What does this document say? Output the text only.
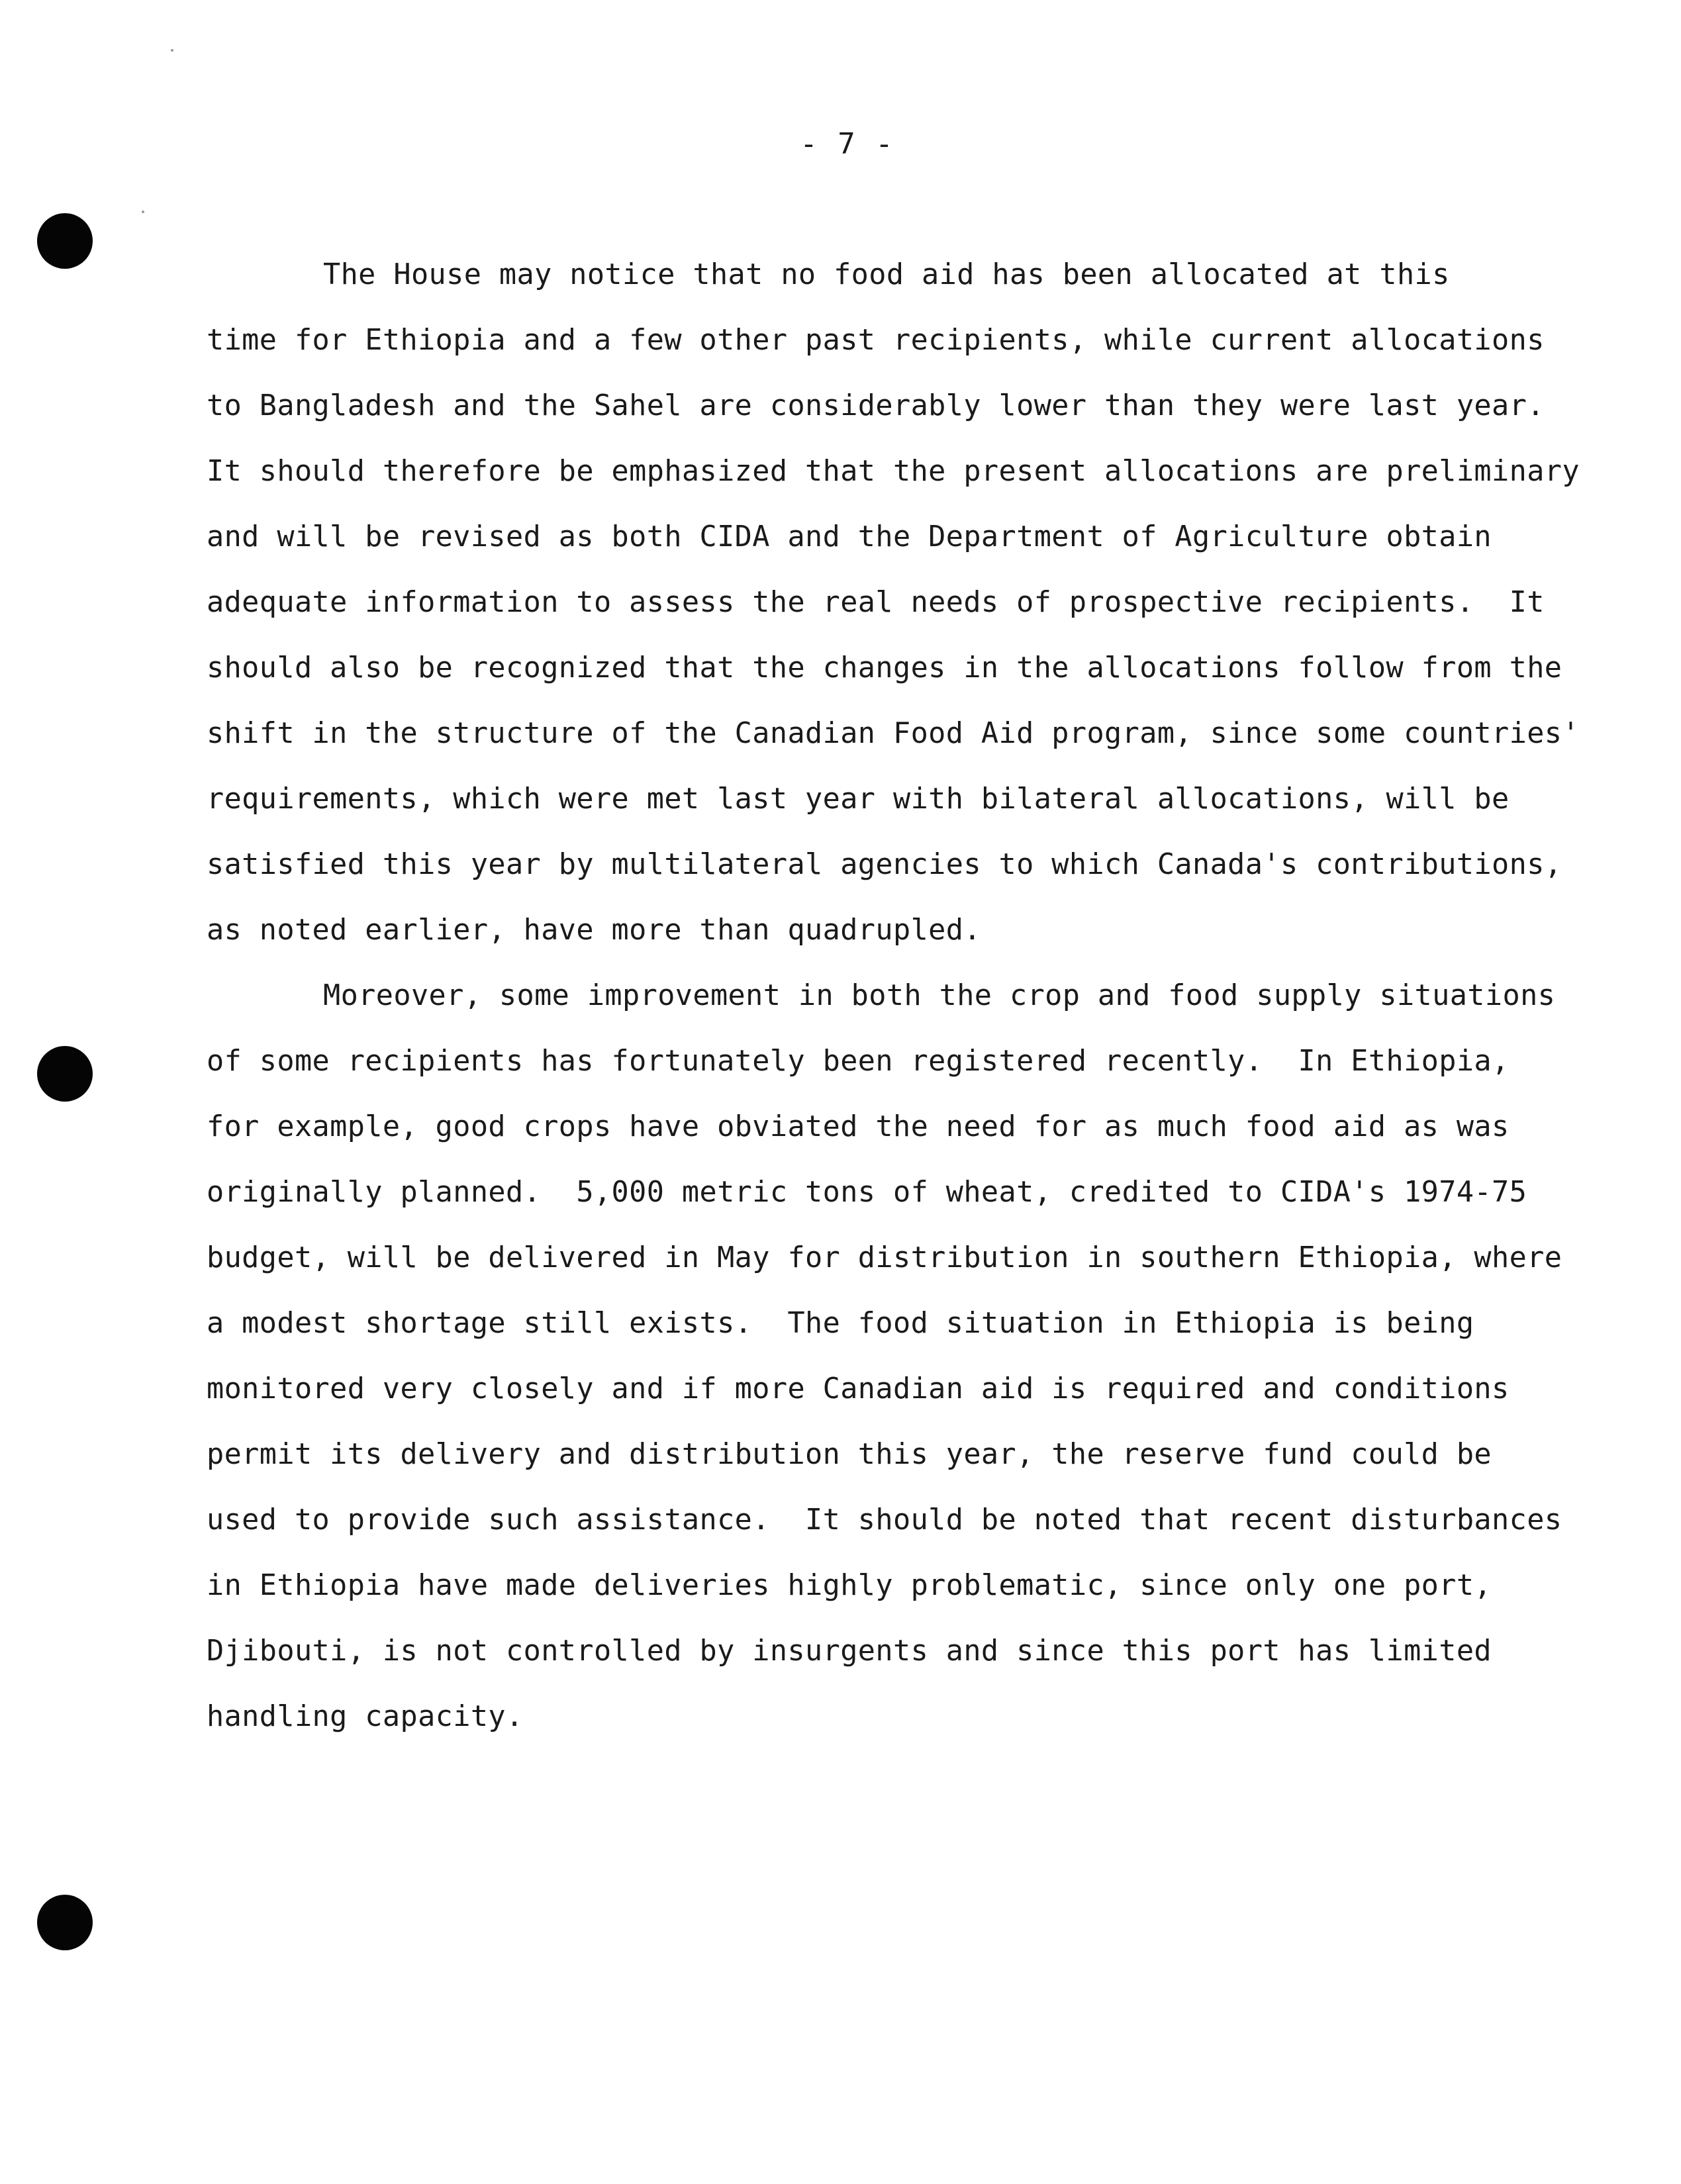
- 7 -
The House may notice that no food aid has been allocated at this
time for Ethiopia and a few other past recipients, while current allocations
to Bangladesh and the Sahel are considerably lower than they were last year.
It should therefore be emphasized that the present allocations are preliminary
and will be revised as both CIDA and the Department of Agriculture obtain
adequate information to assess the real needs of prospective recipients.  It
should also be recognized that the changes in the allocations follow from the
shift in the structure of the Canadian Food Aid program, since some countries'
requirements, which were met last year with bilateral allocations, will be
satisfied this year by multilateral agencies to which Canada's contributions,
as noted earlier, have more than quadrupled.
Moreover, some improvement in both the crop and food supply situations
of some recipients has fortunately been registered recently.  In Ethiopia,
for example, good crops have obviated the need for as much food aid as was
originally planned.  5,000 metric tons of wheat, credited to CIDA's 1974-75
budget, will be delivered in May for distribution in southern Ethiopia, where
a modest shortage still exists.  The food situation in Ethiopia is being
monitored very closely and if more Canadian aid is required and conditions
permit its delivery and distribution this year, the reserve fund could be
used to provide such assistance.  It should be noted that recent disturbances
in Ethiopia have made deliveries highly problematic, since only one port,
Djibouti, is not controlled by insurgents and since this port has limited
handling capacity.
